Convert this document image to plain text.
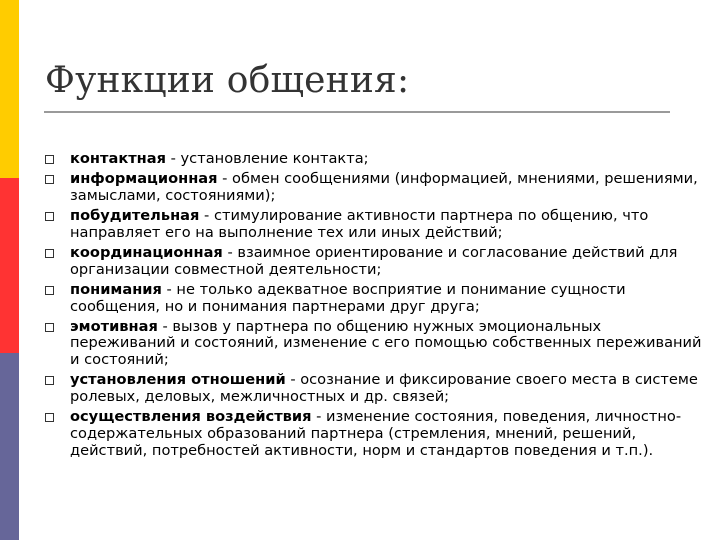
Функции общения:
контактная - установление контакта;
информационная - обмен сообщениями (информацией, мнениями, решениями, замыслами, состояниями);
побудительная - стимулирование активности партнера по общению, что направляет его на выполнение тех или иных действий;
координационная - взаимное ориентирование и согласование действий для организации совместной деятельности;
понимания - не только адекватное восприятие и понимание сущности сообщения, но и понимания партнерами друг друга;
эмотивная - вызов у партнера по общению нужных эмоциональных переживаний и состояний, изменение с его помощью собственных переживаний и состояний;
установления отношений - осознание и фиксирование своего места в системе ролевых, деловых, межличностных и др. связей;
осуществления воздействия - изменение состояния, поведения, личностно-содержательных образований партнера (стремления, мнений, решений, действий, потребностей активности, норм и стандартов поведения и т.п.).
